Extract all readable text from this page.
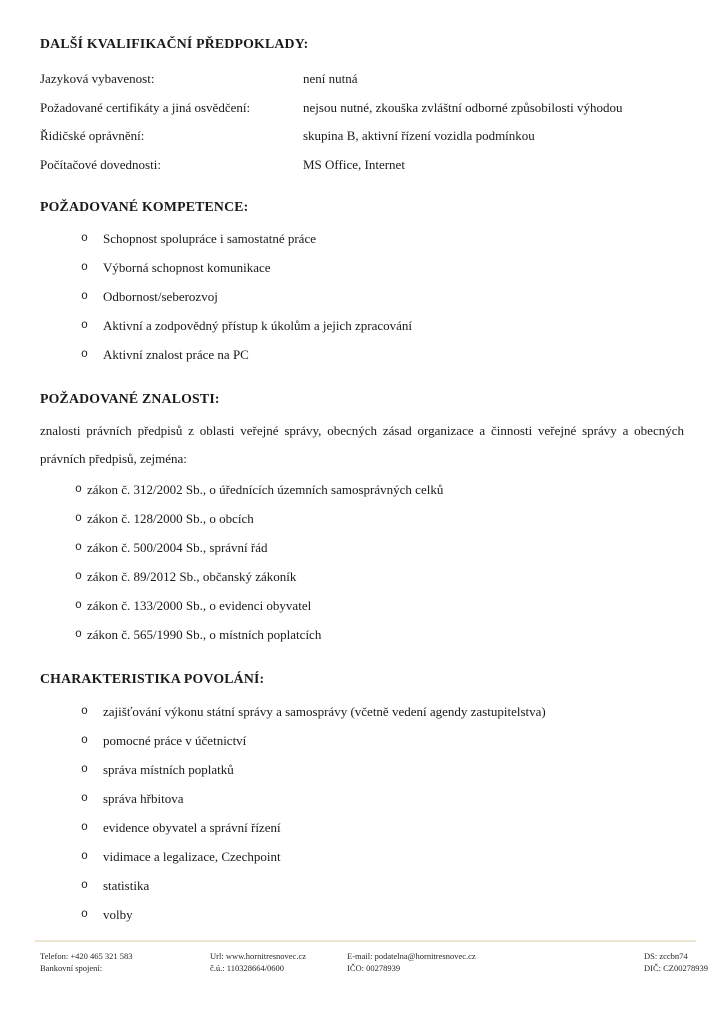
DALŠÍ KVALIFIKAČNÍ PŘEDPOKLADY:
Jazyková vybavenost:	není nutná
Požadované certifikáty a jiná osvědčení:	nejsou nutné, zkouška zvláštní odborné způsobilosti výhodou
Řidičské oprávnění:	skupina B, aktivní řízení vozidla podmínkou
Počítačové dovednosti:	MS Office, Internet
POŽADOVANÉ KOMPETENCE:
o	Schopnost spolupráce i samostatné práce
o	Výborná schopnost komunikace
o	Odbornost/seberozvoj
o	Aktivní a zodpovědný přístup k úkolům a jejich zpracování
o	Aktivní znalost práce na PC
POŽADOVANÉ ZNALOSTI:

znalosti právních předpisů z oblasti veřejné správy, obecných zásad organizace a činnosti veřejné správy a obecných právních předpisů, zejména:

o zákon č. 312/2002 Sb., o úřednících územních samosprávných celků
o zákon č. 128/2000 Sb., o obcích
o zákon č. 500/2004 Sb., správní řád
o zákon č. 89/2012 Sb., občanský zákoník
o zákon č. 133/2000 Sb., o evidenci obyvatel
o zákon č. 565/1990 Sb., o místních poplatcích
CHARAKTERISTIKA POVOLÁNÍ:
o	zajišťování výkonu státní správy a samosprávy (včetně vedení agendy zastupitelstva)
o	pomocné práce v účetnictví
o	správa místních poplatků
o	správa hřbitova
o	evidence obyvatel a správní řízení
o	vidimace a legalizace, Czechpoint
o	statistika
o	volby
Telefon: +420 465 321 583
Bankovní spojení:
Url: www.hornitresnovec.cz
č.ú.: 110328664/0600
E-mail: podatelna@hornitresnovec.cz
IČO: 00278939
DS: zccbn74
DIČ: CZ00278939
